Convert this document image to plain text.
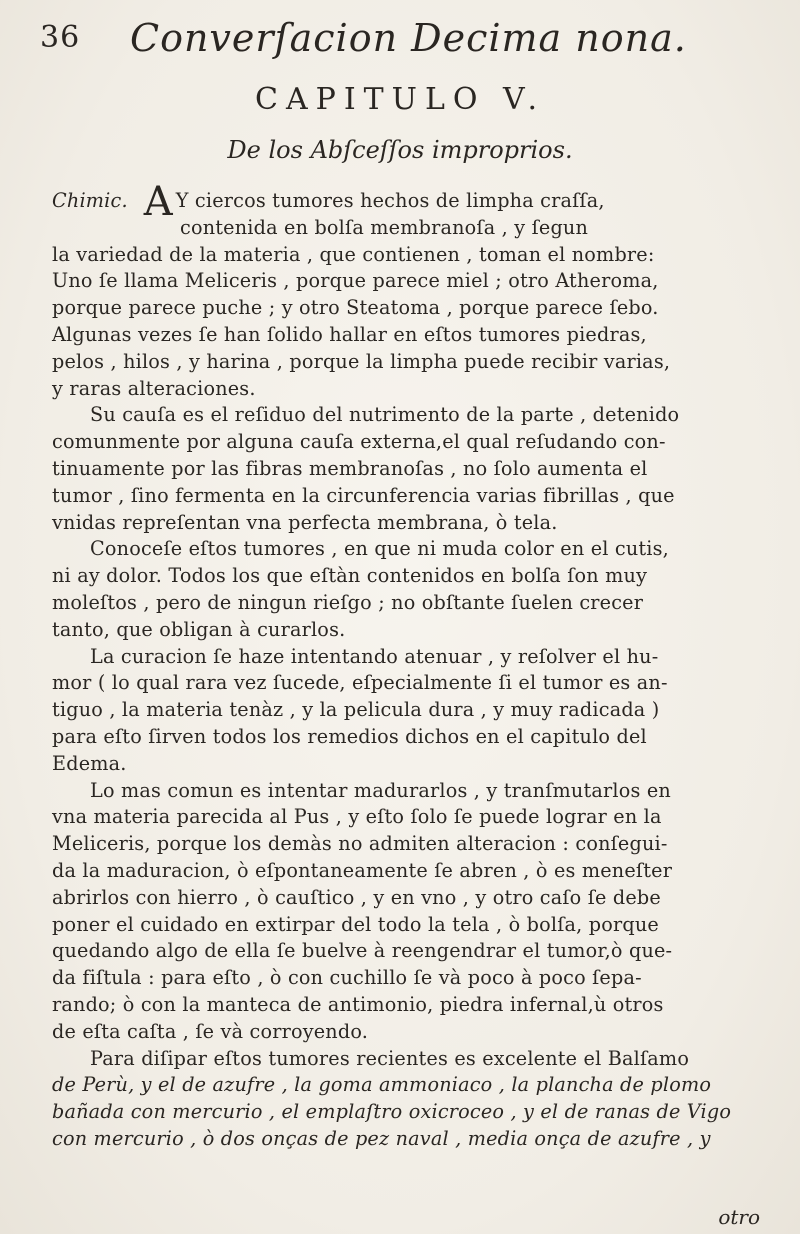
36 Converſacion Decima nona.
CAPITULO V.
De los Abſceſſos improprios.
Chimic. A Y ciercos tumores hechos de limpha craſſa,
contenida en bolſa membranoſa , y ſegun
la variedad de la materia , que contienen , toman el nombre:
Uno ſe llama Meliceris , porque parece miel ; otro Atheroma,
porque parece puche ; y otro Steatoma , porque parece ſebo.
Algunas vezes ſe han ſolido hallar en eſtos tumores piedras,
pelos , hilos , y harina , porque la limpha puede recibir varias,
y raras alteraciones.
Su cauſa es el reſiduo del nutrimento de la parte , detenido
comunmente por alguna cauſa externa,el qual reſudando con-
tinuamente por las fibras membranoſas , no ſolo aumenta el
tumor , ſino fermenta en la circunferencia varias fibrillas , que
vnidas repreſentan vna perfecta membrana, ò tela.
Conoceſe eſtos tumores , en que ni muda color en el cutis,
ni ay dolor. Todos los que eſtàn contenidos en bolſa ſon muy
moleſtos , pero de ningun rieſgo ; no obſtante ſuelen crecer
tanto, que obligan à curarlos.
La curacion ſe haze intentando atenuar , y reſolver el hu-
mor ( lo qual rara vez ſucede, eſpecialmente ſi el tumor es an-
tiguo , la materia tenàz , y la pelicula dura , y muy radicada )
para eſto ſirven todos los remedios dichos en el capitulo del
Edema.
Lo mas comun es intentar madurarlos , y tranſmutarlos en
vna materia parecida al Pus , y eſto ſolo ſe puede lograr en la
Meliceris, porque los demàs no admiten alteracion : conſegui-
da la maduracion, ò eſpontaneamente ſe abren , ò es meneſter
abrirlos con hierro , ò cauſtico , y en vno , y otro caſo ſe debe
poner el cuidado en extirpar del todo la tela , ò bolſa, porque
quedando algo de ella ſe buelve à reengendrar el tumor,ò que-
da fiſtula : para eſto , ò con cuchillo ſe và poco à poco ſepa-
rando; ò con la manteca de antimonio, piedra infernal,ù otros
de eſta caſta , ſe và corroyendo.
Para diſipar eſtos tumores recientes es excelente el Balſamo
de Perù, y el de azufre , la goma ammoniaco , la plancha de plomo
bañada con mercurio , el emplaſtro oxicroceo , y el de ranas de Vigo
con mercurio , ò dos onças de pez naval , media onça de azufre , y
otro
